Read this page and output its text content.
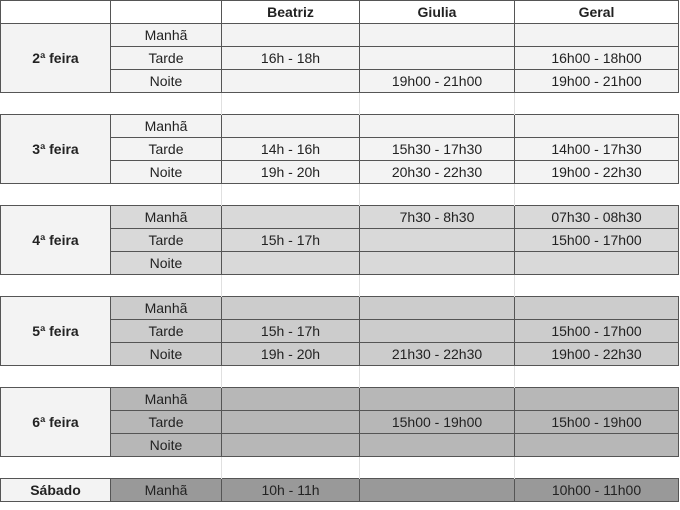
		Beatriz	Giulia	Geral
2ª feira	Manhã			
	Tarde	16h - 18h		16h00 - 18h00
	Noite		19h00 - 21h00	19h00 - 21h00

3ª feira	Manhã			
	Tarde	14h - 16h	15h30 - 17h30	14h00 - 17h30
	Noite	19h - 20h	20h30 - 22h30	19h00 - 22h30

4ª feira	Manhã		7h30 - 8h30	07h30 - 08h30
	Tarde	15h - 17h		15h00 - 17h00
	Noite			

5ª feira	Manhã			
	Tarde	15h - 17h		15h00 - 17h00
	Noite	19h - 20h	21h30 - 22h30	19h00 - 22h30

6ª feira	Manhã			
	Tarde		15h00 - 19h00	15h00 - 19h00
	Noite			

Sábado	Manhã	10h - 11h		10h00 - 11h00
